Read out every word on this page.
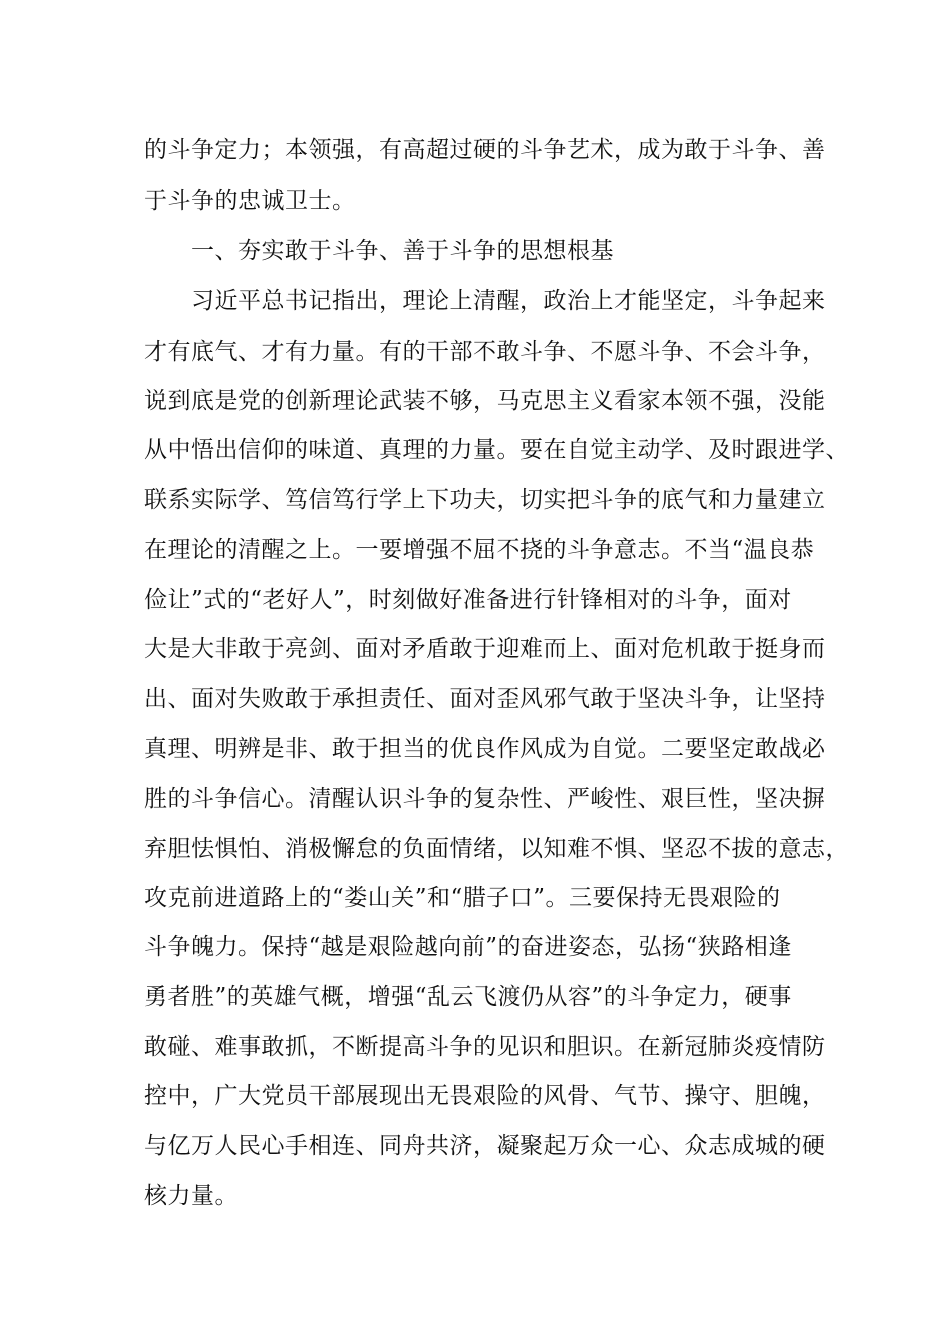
的斗争定力；本领强，有高超过硬的斗争艺术，成为敢于斗争、善
于斗争的忠诚卫士。
一、夯实敢于斗争、善于斗争的思想根基
习近平总书记指出，理论上清醒，政治上才能坚定，斗争起来
才有底气、才有力量。有的干部不敢斗争、不愿斗争、不会斗争，
说到底是党的创新理论武装不够，马克思主义看家本领不强，没能
从中悟出信仰的味道、真理的力量。要在自觉主动学、及时跟进学、
联系实际学、笃信笃行学上下功夫，切实把斗争的底气和力量建立
在理论的清醒之上。一要增强不屈不挠的斗争意志。不当“温良恭
俭让”式的“老好人”，时刻做好准备进行针锋相对的斗争，面对
大是大非敢于亮剑、面对矛盾敢于迎难而上、面对危机敢于挺身而
出、面对失败敢于承担责任、面对歪风邪气敢于坚决斗争，让坚持
真理、明辨是非、敢于担当的优良作风成为自觉。二要坚定敢战必
胜的斗争信心。清醒认识斗争的复杂性、严峻性、艰巨性，坚决摒
弃胆怯惧怕、消极懈怠的负面情绪，以知难不惧、坚忍不拔的意志，
攻克前进道路上的“娄山关”和“腊子口”。三要保持无畏艰险的
斗争魄力。保持“越是艰险越向前”的奋进姿态，弘扬“狭路相逢
勇者胜”的英雄气概，增强“乱云飞渡仍从容”的斗争定力，硬事
敢碰、难事敢抓，不断提高斗争的见识和胆识。在新冠肺炎疫情防
控中，广大党员干部展现出无畏艰险的风骨、气节、操守、胆魄，
与亿万人民心手相连、同舟共济，凝聚起万众一心、众志成城的硬
核力量。
